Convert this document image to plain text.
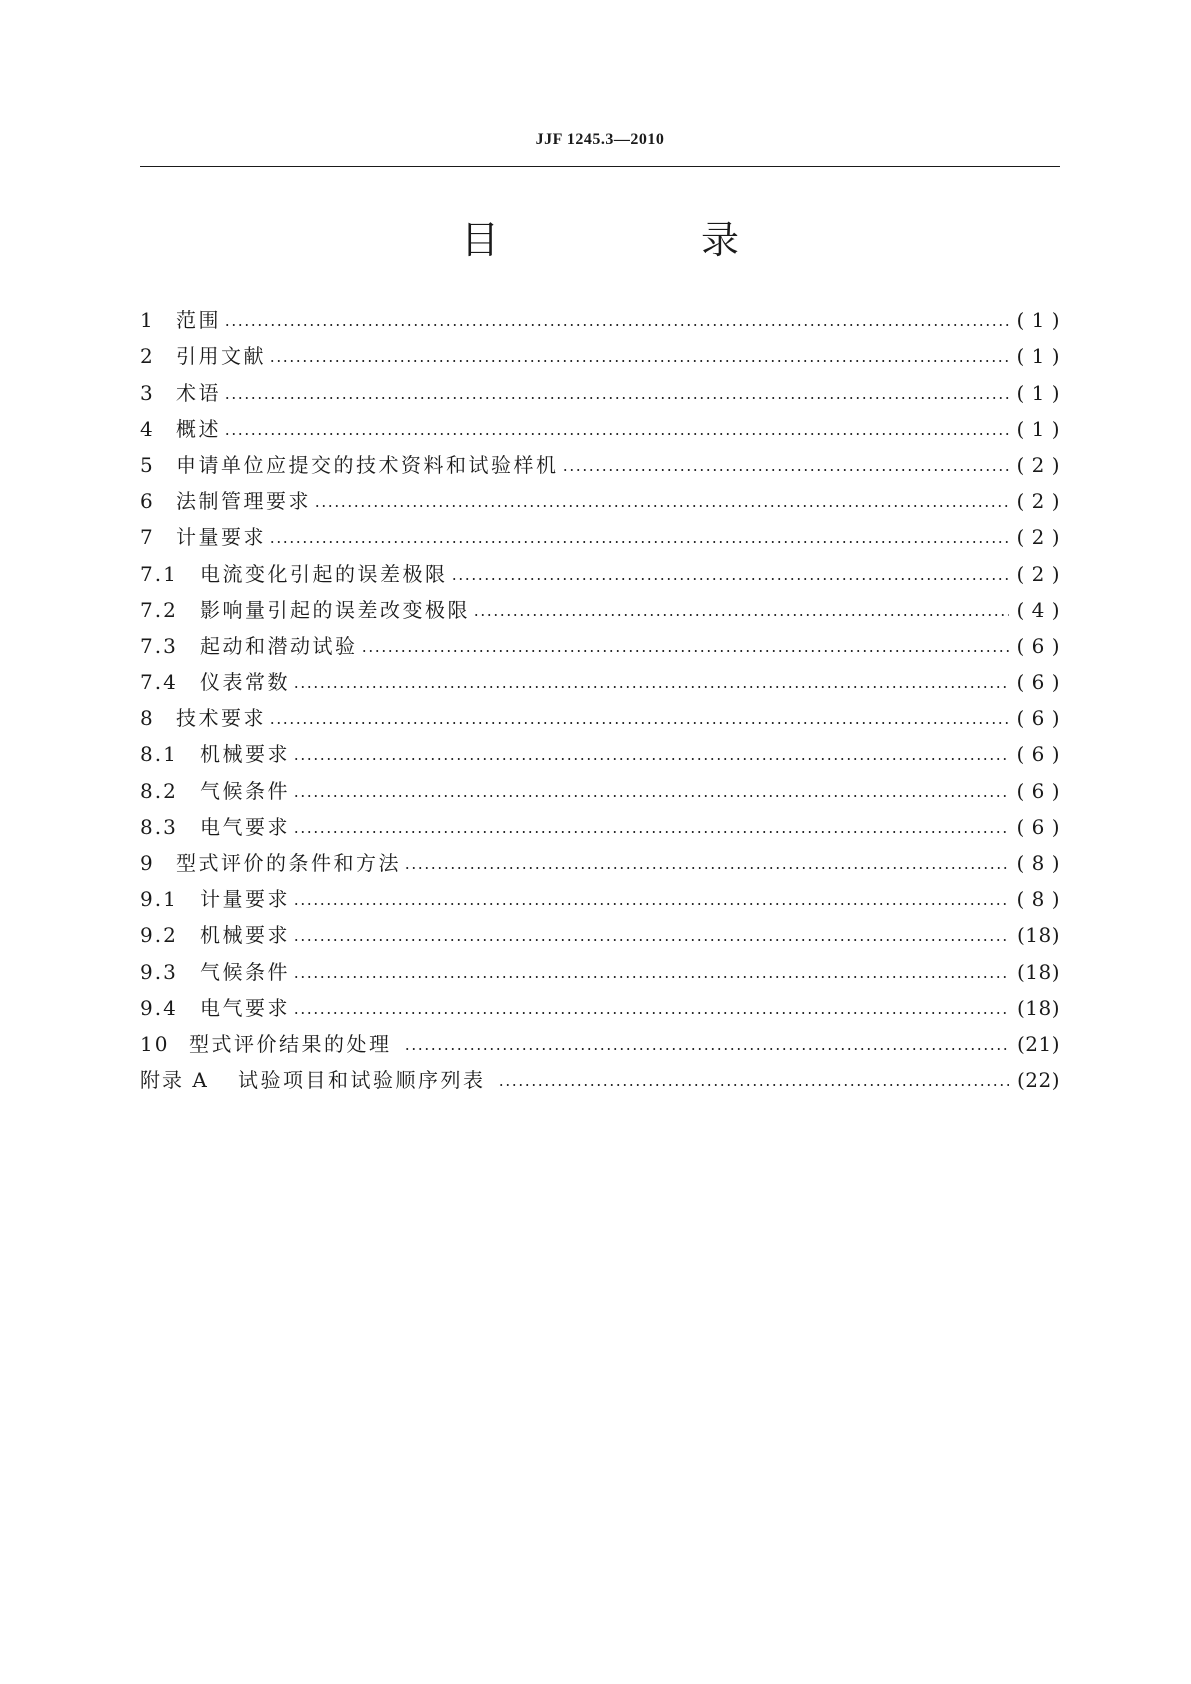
JJF 1245.3—2010
目　录
1	范围	( 1 )
2	引用文献	( 1 )
3	术语	( 1 )
4	概述	( 1 )
5	申请单位应提交的技术资料和试验样机	( 2 )
6	法制管理要求	( 2 )
7	计量要求	( 2 )
7.1	电流变化引起的误差极限	( 2 )
7.2	影响量引起的误差改变极限	( 4 )
7.3	起动和潜动试验	( 6 )
7.4	仪表常数	( 6 )
8	技术要求	( 6 )
8.1	机械要求	( 6 )
8.2	气候条件	( 6 )
8.3	电气要求	( 6 )
9	型式评价的条件和方法	( 8 )
9.1	计量要求	( 8 )
9.2	机械要求	(18)
9.3	气候条件	(18)
9.4	电气要求	(18)
10 型式评价结果的处理	(21)
附录 A	试验项目和试验顺序列表	(22)
